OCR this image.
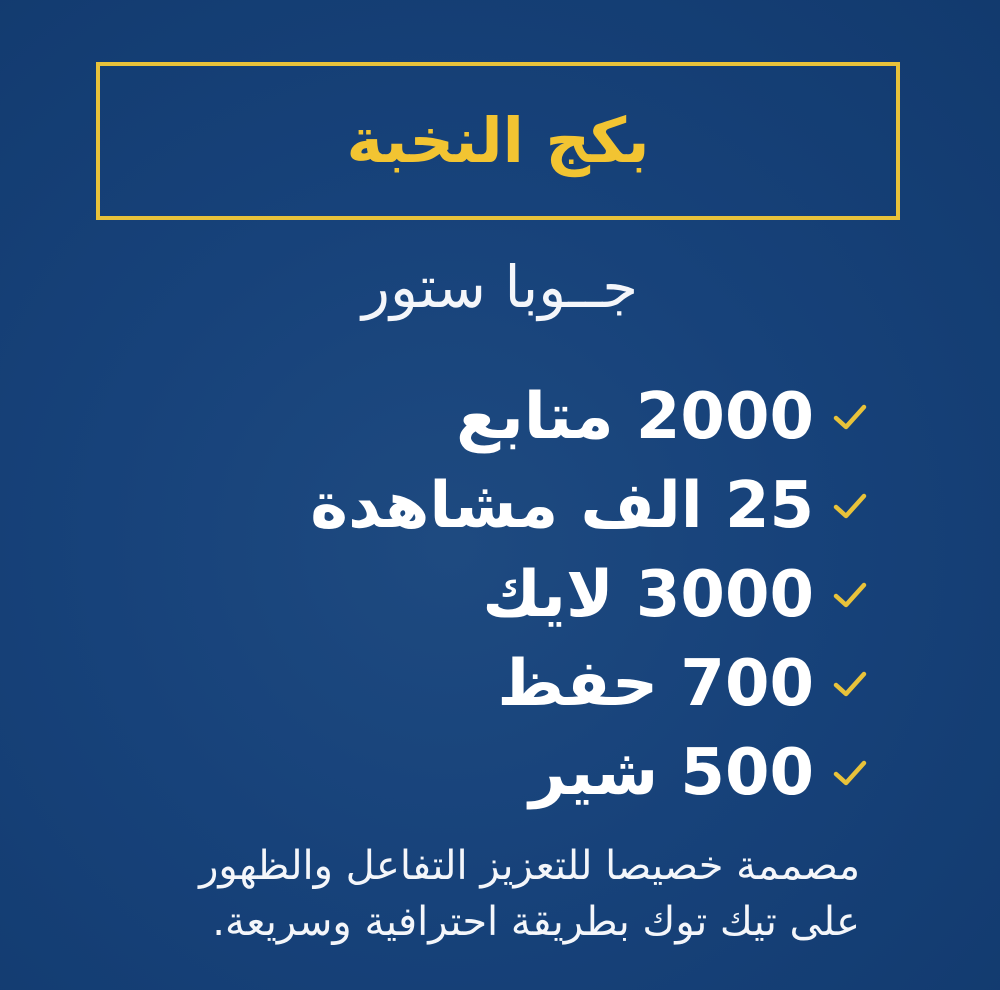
بكج النخبة
جــوبا ستور
2000 متابع
25 الف مشاهدة
3000 لايك
700 حفظ
500 شير
مصممة خصيصا للتعزيز التفاعل والظهور
على تيك توك بطريقة احترافية وسريعة.
